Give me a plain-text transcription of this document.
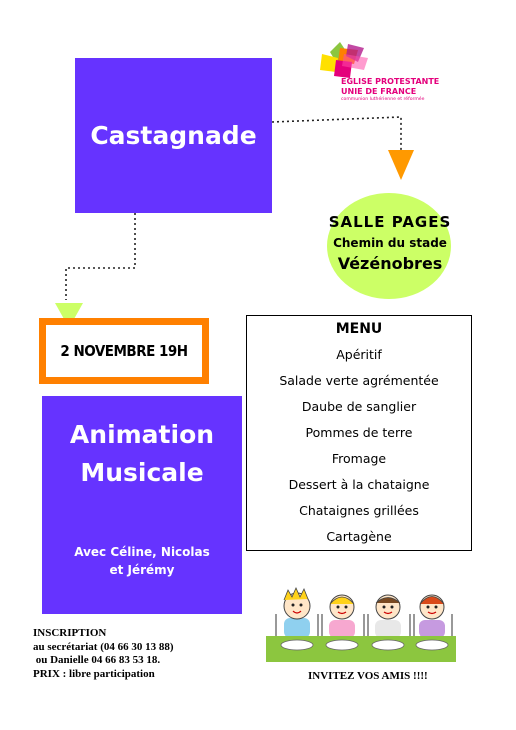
Castagnade
EGLISE PROTESTANTE
UNIE DE FRANCE
communion luthérienne et réformée
SALLE PAGES
Chemin du stade
Vézénobres
2 NOVEMBRE 19H
Animation
Musicale
Avec Céline, Nicolas
et Jérémy
MENU
Apéritif
Salade verte agrémentée
Daube de sanglier
Pommes de terre
Fromage
Dessert à la chataigne
Chataignes grillées
Cartagène
INSCRIPTION
au secrétariat (04 66 30 13 88)
ou Danielle 04 66 83 53 18.
PRIX : libre participation	INVITEZ VOS AMIS !!!!
